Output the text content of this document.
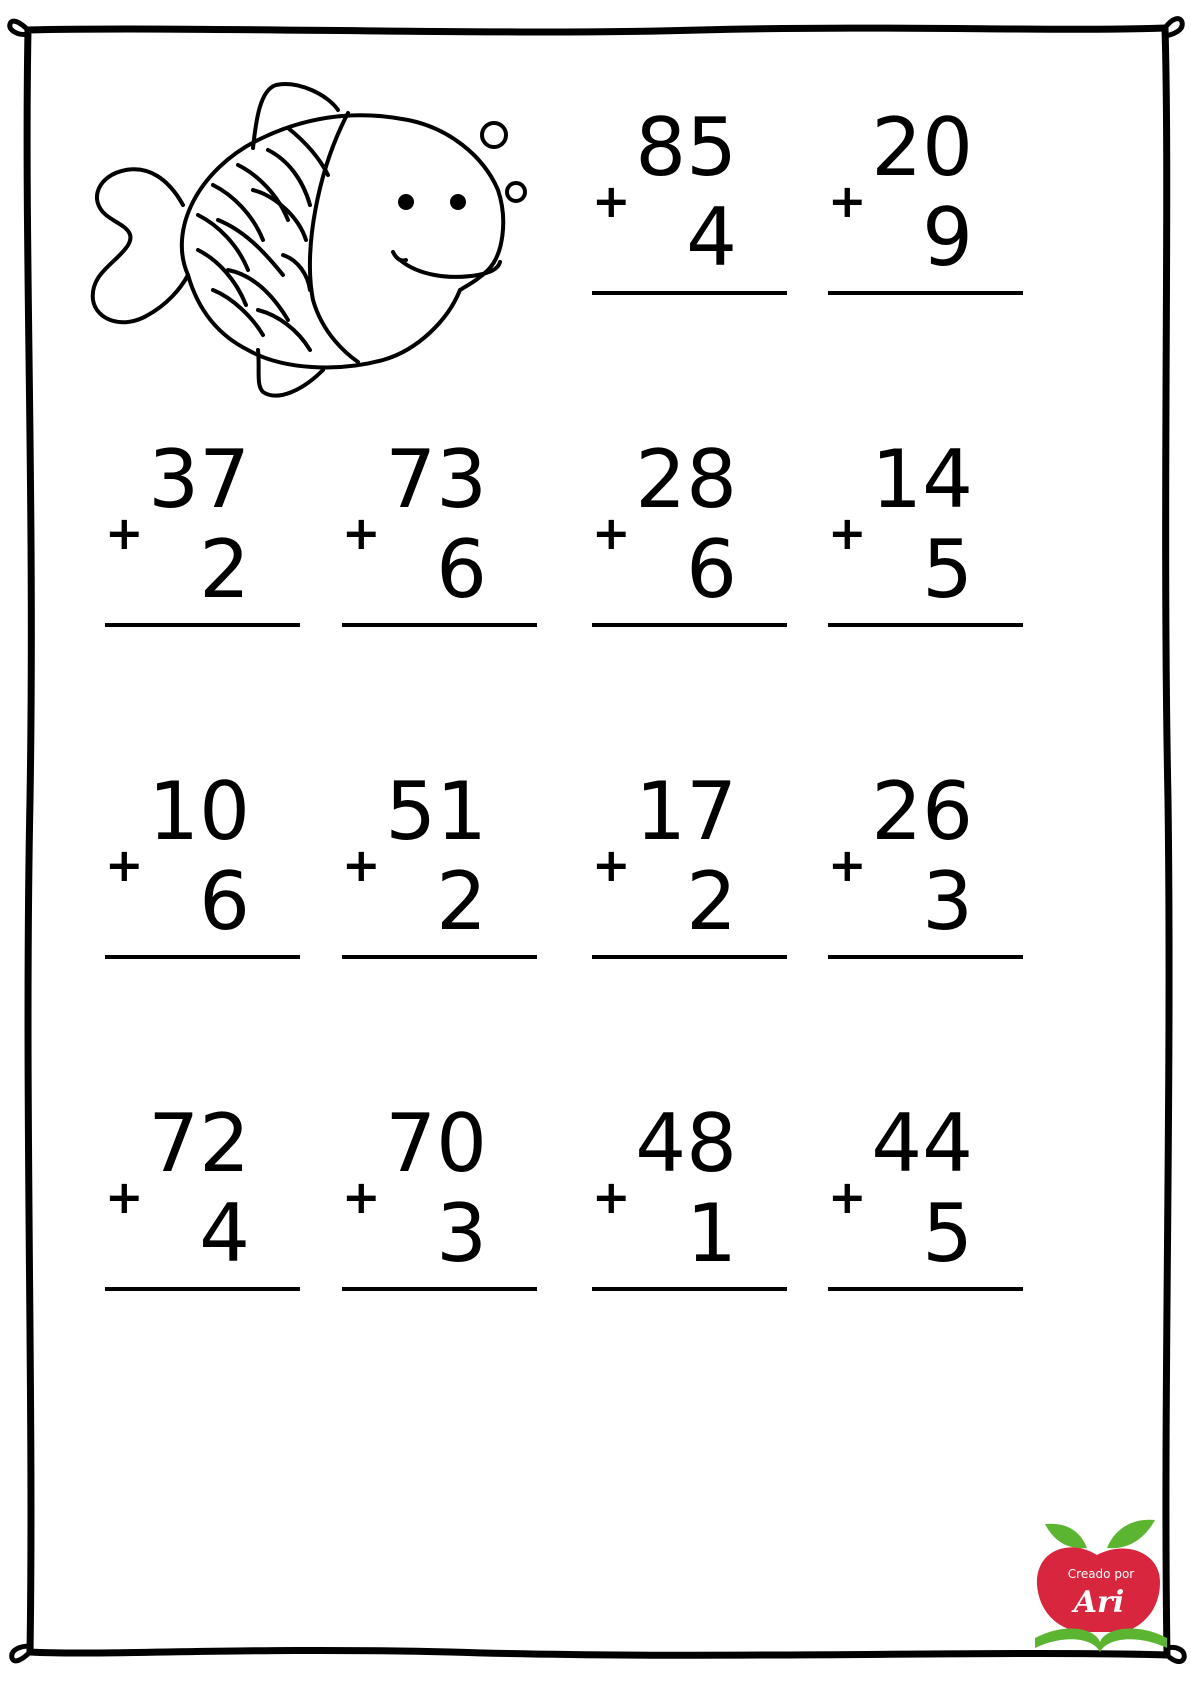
85
+ 4
20
+ 9
37
+ 2
73
+ 6
28
+ 6
14
+ 5
10
+ 6
51
+ 2
17
+ 2
26
+ 3
72
+ 4
70
+ 3
48
+ 1
44
+ 5
Creado por
Ari
